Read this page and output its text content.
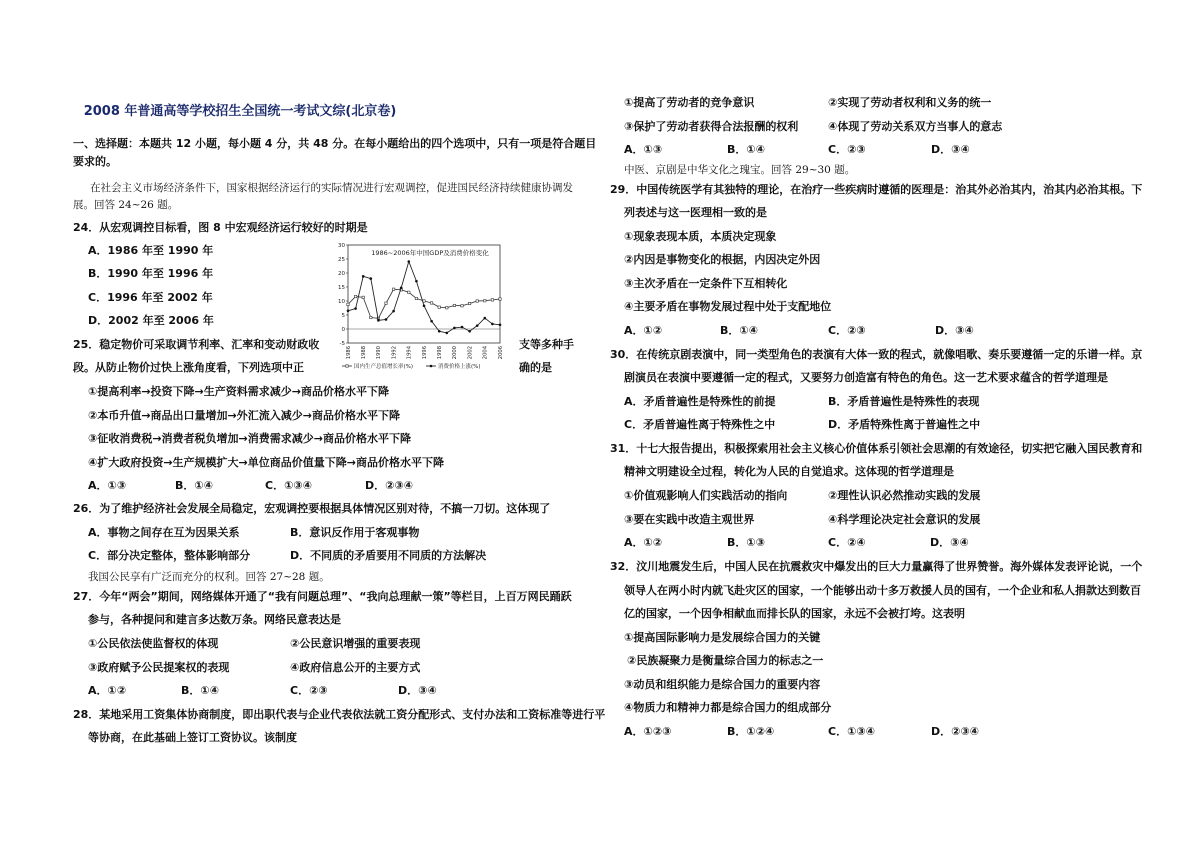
2008 年普通高等学校招生全国统一考试文综(北京卷)
一、选择题：本题共 12 小题，每小题 4 分，共 48 分。在每小题给出的四个选项中，只有一项是符合题目
要求的。
在社会主义市场经济条件下，国家根据经济运行的实际情况进行宏观调控，促进国民经济持续健康协调发
展。回答 24~26 题。
24．从宏观调控目标看，图 8 中宏观经济运行较好的时期是
A．1986 年至 1990 年
B．1990 年至 1996 年
C．1996 年至 2002 年
D．2002 年至 2006 年
1986~2006年中国GDP及消费价格变化
30
25
20
15
10
5
0
-5
1986 1988 1990 1992 1994 1996 1998 2000 2002 2004 2006
国内生产总值增长率(%)	消费价格上涨(%)
25．稳定物价可采取调节利率、汇率和变动财政收	支等多种手
段。从防止物价过快上涨角度看，下列选项中正	确的是
①提高利率→投资下降→生产资料需求减少→商品价格水平下降
②本币升值→商品出口量增加→外汇流入减少→商品价格水平下降
③征收消费税→消费者税负增加→消费需求减少→商品价格水平下降
④扩大政府投资→生产规模扩大→单位商品价值量下降→商品价格水平下降
A．①③	B．①④	C．①③④	D．②③④
26．为了维护经济社会发展全局稳定，宏观调控要根据具体情况区别对待，不搞一刀切。这体现了
A．事物之间存在互为因果关系	B．意识反作用于客观事物
C．部分决定整体，整体影响部分	D．不同质的矛盾要用不同质的方法解决
我国公民享有广泛而充分的权利。回答 27~28 题。
27．今年“两会”期间，网络媒体开通了“我有问题总理”、“我向总理献一策”等栏目，上百万网民踊跃
参与，各种提问和建言多达数万条。网络民意表达是
①公民依法使监督权的体现	②公民意识增强的重要表现
③政府赋予公民提案权的表现	④政府信息公开的主要方式
A．①②	B．①④	C．②③	D．③④
28．某地采用工资集体协商制度，即出职代表与企业代表依法就工资分配形式、支付办法和工资标准等进行平
等协商，在此基础上签订工资协议。该制度
①提高了劳动者的竞争意识	②实现了劳动者权利和义务的统一
③保护了劳动者获得合法报酬的权利	④体现了劳动关系双方当事人的意志
A．①③	B．①④	C．②③	D．③④
中医、京剧是中华文化之瑰宝。回答 29~30 题。
29．中国传统医学有其独特的理论，在治疗一些疾病时遵循的医理是：治其外必治其内，治其内必治其根。下
列表述与这一医理相一致的是
①现象表现本质，本质决定现象
②内因是事物变化的根据，内因决定外因
③主次矛盾在一定条件下互相转化
④主要矛盾在事物发展过程中处于支配地位
A．①②	B．①④	C．②③	D．③④
30．在传统京剧表演中，同一类型角色的表演有大体一致的程式，就像唱歌、奏乐要遵循一定的乐谱一样。京
剧演员在表演中要遵循一定的程式，又要努力创造富有特色的角色。这一艺术要求蕴含的哲学道理是
A．矛盾普遍性是特殊性的前提	B．矛盾普遍性是特殊性的表现
C．矛盾普遍性离于特殊性之中	D．矛盾特殊性离于普遍性之中
31．十七大报告提出，积极探索用社会主义核心价值体系引领社会思潮的有效途径，切实把它融入国民教育和
精神文明建设全过程，转化为人民的自觉追求。这体现的哲学道理是
①价值观影响人们实践活动的指向	②理性认识必然推动实践的发展
③要在实践中改造主观世界	④科学理论决定社会意识的发展
A．①②	B．①③	C．②④	D．③④
32．汶川地震发生后，中国人民在抗震救灾中爆发出的巨大力量赢得了世界赞誉。海外媒体发表评论说，一个
领导人在两小时内就飞赴灾区的国家，一个能够出动十多万救援人员的国有，一个企业和私人捐款达到数百
亿的国家，一个因争相献血而排长队的国家，永远不会被打垮。这表明
①提高国际影响力是发展综合国力的关键
②民族凝聚力是衡量综合国力的标志之一
③动员和组织能力是综合国力的重要内容
④物质力和精神力都是综合国力的组成部分
A．①②③	B．①②④	C．①③④	D．②③④
